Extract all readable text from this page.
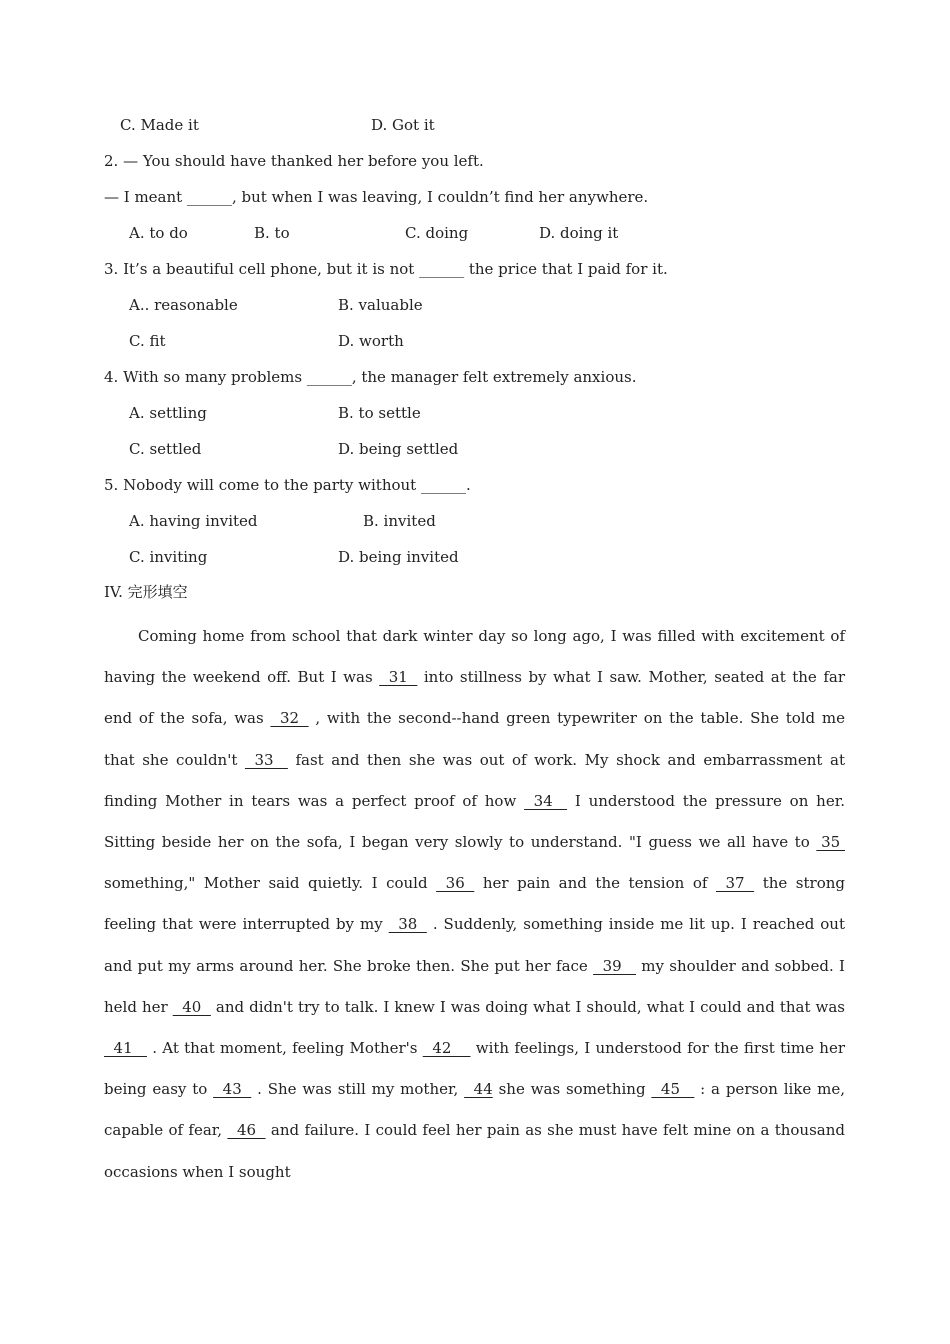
C. Made it	D. Got it
2. — You should have thanked her before you left.
— I meant ______, but when I was leaving, I couldn’t find her anywhere.
A. to do	B. to	C. doing	D. doing it
3. It’s a beautiful cell phone, but it is not ______ the price that I paid for it.
A.. reasonable	B. valuable
C. fit	D. worth
4. With so many problems ______, the manager felt extremely anxious.
A. settling	B. to settle
C. settled	D. being settled
5. Nobody will come to the party without ______.
A. having invited	B. invited
C. inviting	D. being invited
IV. 完形填空
Coming home from school that dark winter day so long ago, I was filled with excitement of having the weekend off. But I was   31   into stillness by what I saw. Mother, seated at the far end of the sofa, was   32   , with the second--hand green typewriter on the table. She told me that she couldn't   33    fast and then she was out of work. My shock and embarrassment at finding Mother in tears was a perfect proof of how   34    I understood the pressure on her. Sitting beside her on the sofa, I began very slowly to understand. "I guess we all have to  35  something," Mother said quietly. I could   36   her pain and the tension of   37   the strong feeling that were interrupted by my   38   . Suddenly, something inside me lit up. I reached out and put my arms around her. She broke then. She put her face   39    my shoulder and sobbed. I held her   40   and didn't try to talk. I knew I was doing what I should, what I could and that was   41    . At that moment, feeling Mother's   42     with feelings, I understood for the first time her being easy to   43   . She was still my mother,   44 she was something   45    : a person like me, capable of fear,   46   and failure. I could feel her pain as she must have felt mine on a thousand occasions when I sought
